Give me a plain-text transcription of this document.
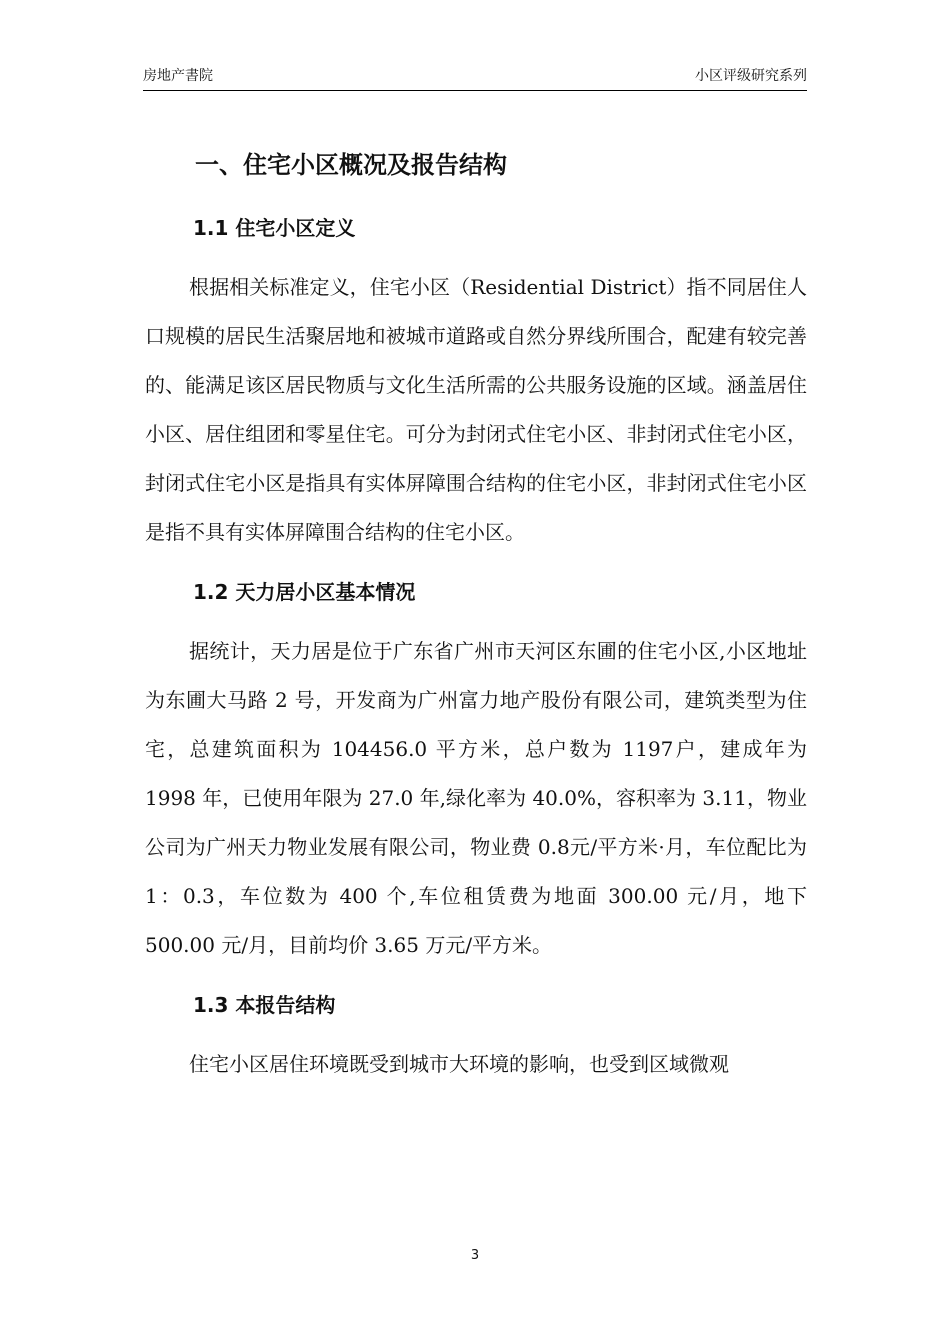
房地产書院	小区评级研究系列
一、住宅小区概况及报告结构
1.1 住宅小区定义

根据相关标准定义，住宅小区（Residential District）指不同居住人口规模的居民生活聚居地和被城市道路或自然分界线所围合，配建有较完善的、能满足该区居民物质与文化生活所需的公共服务设施的区域。涵盖居住小区、居住组团和零星住宅。可分为封闭式住宅小区、非封闭式住宅小区，封闭式住宅小区是指具有实体屏障围合结构的住宅小区，非封闭式住宅小区是指不具有实体屏障围合结构的住宅小区。

1.2 天力居小区基本情况

据统计，天力居是位于广东省广州市天河区东圃的住宅小区,小区地址为东圃大马路 2 号，开发商为广州富力地产股份有限公司，建筑类型为住宅，总建筑面积为 104456.0 平方米，总户数为 1197户，建成年为 1998 年，已使用年限为 27.0 年,绿化率为 40.0%，容积率为 3.11，物业公司为广州天力物业发展有限公司，物业费 0.8元/平方米·月，车位配比为 1：0.3，车位数为 400 个,车位租赁费为地面 300.00 元/月，地下 500.00 元/月，目前均价 3.65 万元/平方米。

1.3 本报告结构

住宅小区居住环境既受到城市大环境的影响，也受到区域微观

3
